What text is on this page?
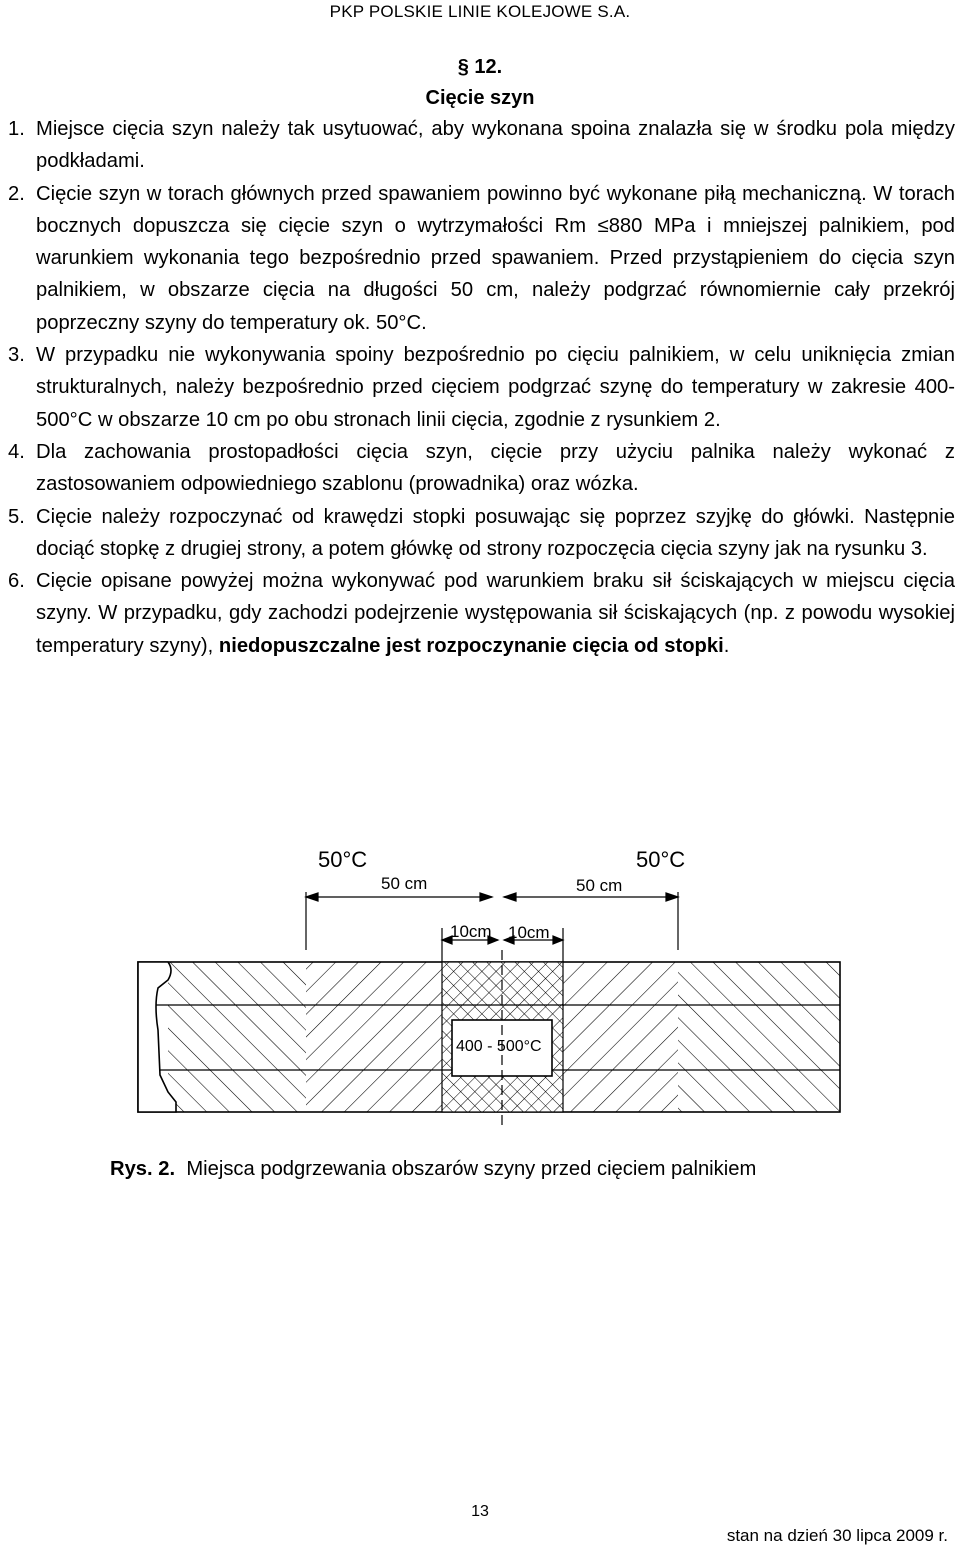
PKP POLSKIE LINIE KOLEJOWE S.A.
§ 12.
Cięcie szyn
1. Miejsce cięcia szyn należy tak usytuować, aby wykonana spoina znalazła się w środku pola między podkładami.
2. Cięcie szyn w torach głównych przed spawaniem powinno być wykonane piłą mechaniczną. W torach bocznych dopuszcza się cięcie szyn o wytrzymałości Rm ≤880 MPa i mniejszej palnikiem, pod warunkiem wykonania tego bezpośrednio przed spawaniem. Przed przystąpieniem do cięcia szyn palnikiem, w obszarze cięcia na długości 50 cm, należy podgrzać równomiernie cały przekrój poprzeczny szyny do temperatury ok. 50°C.
3. W przypadku nie wykonywania spoiny bezpośrednio po cięciu palnikiem, w celu uniknięcia zmian strukturalnych, należy bezpośrednio przed cięciem podgrzać szynę do temperatury w zakresie 400-500°C w obszarze 10 cm po obu stronach linii cięcia, zgodnie z rysunkiem 2.
4. Dla zachowania prostopadłości cięcia szyn, cięcie przy użyciu palnika należy wykonać z zastosowaniem odpowiedniego szablonu (prowadnika) oraz wózka.
5. Cięcie należy rozpoczynać od krawędzi stopki posuwając się poprzez szyjkę do główki. Następnie dociąć stopkę z drugiej strony, a potem główkę od strony rozpoczęcia cięcia szyny jak na rysunku 3.
6. Cięcie opisane powyżej można wykonywać pod warunkiem braku sił ściskających w miejscu cięcia szyny. W przypadku, gdy zachodzi podejrzenie występowania sił ściskających (np. z powodu wysokiej temperatury szyny), niedopuszczalne jest rozpoczynanie cięcia od stopki.
50°C	50°C
50 cm	50 cm
10cm 10cm
400 - 500°C
Rys. 2. Miejsca podgrzewania obszarów szyny przed cięciem palnikiem
13
stan na dzień 30 lipca 2009 r.
